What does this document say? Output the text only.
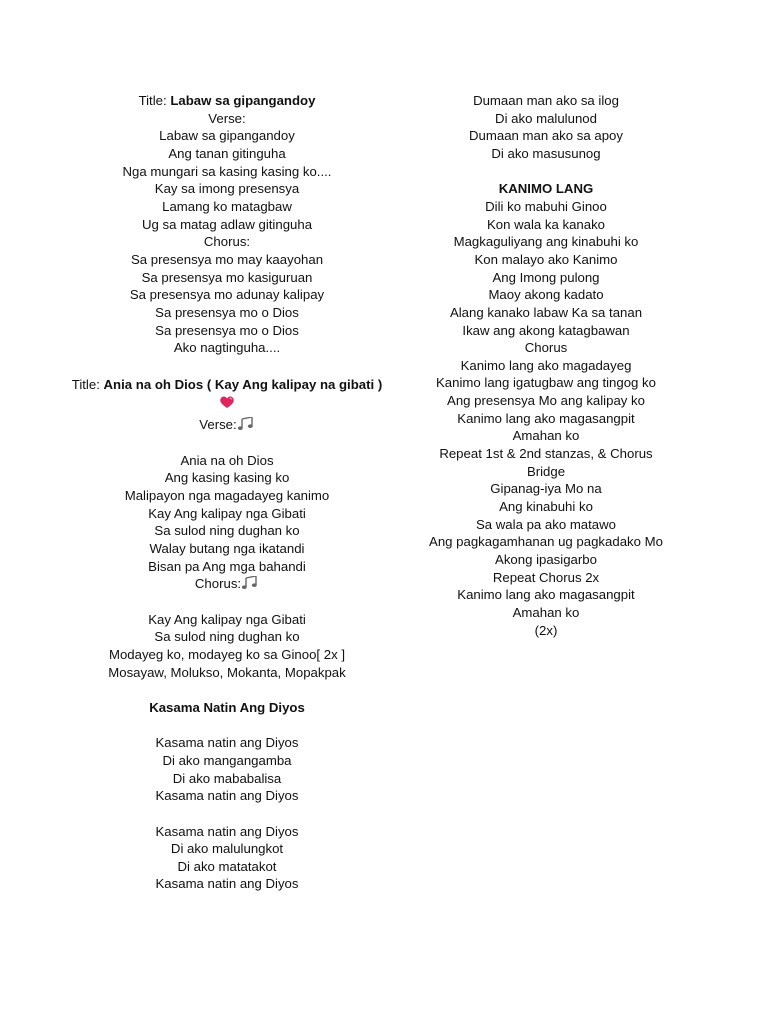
Title: Labaw sa gipangandoy
Verse:
Labaw sa gipangandoy
Ang tanan gitinguha
Nga mungari sa kasing kasing ko....
Kay sa imong presensya
Lamang ko matagbaw
Ug sa matag adlaw gitinguha
Chorus:
Sa presensya mo may kaayohan
Sa presensya mo kasiguruan
Sa presensya mo adunay kalipay
Sa presensya mo o Dios
Sa presensya mo o Dios
Ako nagtinguha....
Title: Ania na oh Dios ( Kay Ang kalipay na gibati )
Verse:
Ania na oh Dios
Ang kasing kasing ko
Malipayon nga magadayeg kanimo
Kay Ang kalipay nga Gibati
Sa sulod ning dughan ko
Walay butang nga ikatandi
Bisan pa Ang mga bahandi
Chorus:
Kay Ang kalipay nga Gibati
Sa sulod ning dughan ko
Modayeg ko, modayeg ko sa Ginoo[ 2x ]
Mosayaw, Molukso, Mokanta, Mopakpak
Kasama Natin Ang Diyos
Kasama natin ang Diyos
Di ako mangangamba
Di ako mababalisa
Kasama natin ang Diyos
Kasama natin ang Diyos
Di ako malulungkot
Di ako matatakot
Kasama natin ang Diyos
Dumaan man ako sa ilog
Di ako malulunod
Dumaan man ako sa apoy
Di ako masusunog
KANIMO LANG
Dili ko mabuhi Ginoo
Kon wala ka kanako
Magkaguliyang ang kinabuhi ko
Kon malayo ako Kanimo
Ang Imong pulong
Maoy akong kadato
Alang kanako labaw Ka sa tanan
Ikaw ang akong katagbawan
Chorus
Kanimo lang ako magadayeg
Kanimo lang igatugbaw ang tingog ko
Ang presensya Mo ang kalipay ko
Kanimo lang ako magasangpit
Amahan ko
Repeat 1st & 2nd stanzas, & Chorus
Bridge
Gipanag-iya Mo na
Ang kinabuhi ko
Sa wala pa ako matawo
Ang pagkagamhanan ug pagkadako Mo
Akong ipasigarbo
Repeat Chorus 2x
Kanimo lang ako magasangpit
Amahan ko
(2x)
